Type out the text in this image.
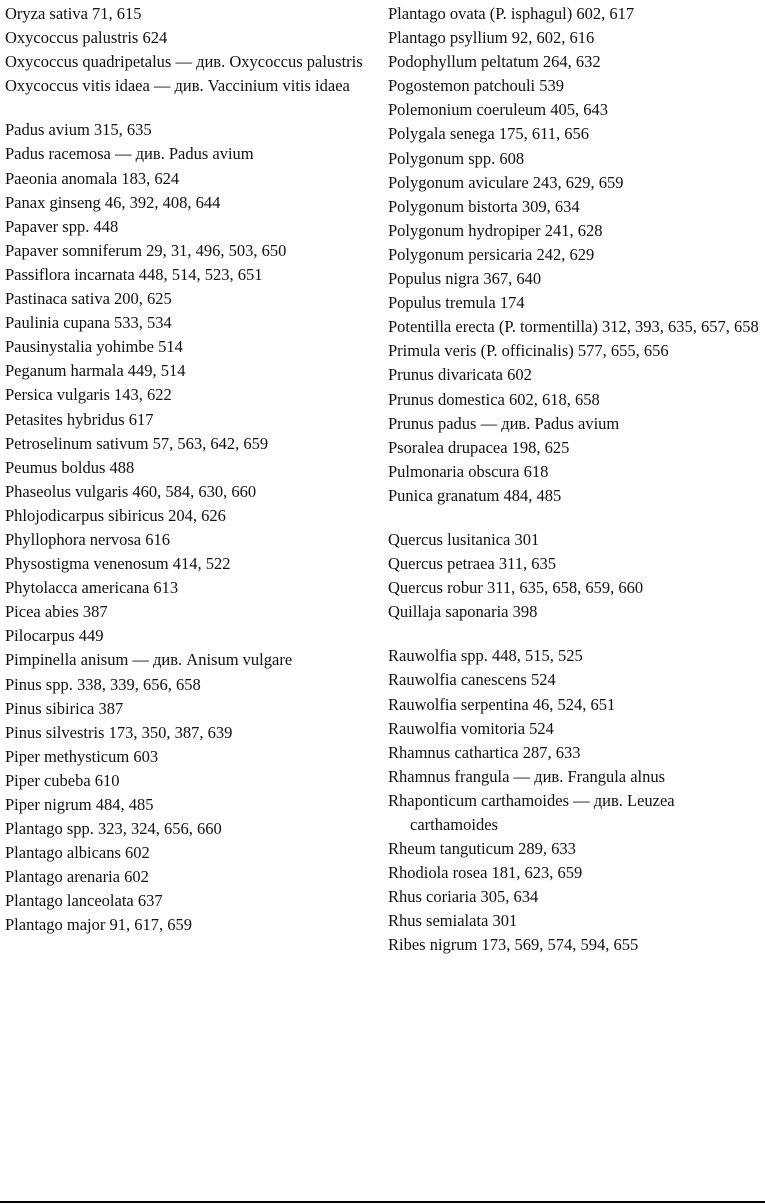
Oryza sativa 71, 615

Oxycoccus palustris 624

Oxycoccus quadripetalus — див. Oxycoccus palustris

Oxycoccus vitis idaea — див. Vaccinium vitis idaea

Padus avium 315, 635

Padus racemosa — див. Padus avium

Paeonia anomala 183, 624

Panax ginseng 46, 392, 408, 644

Papaver spp. 448

Papaver somniferum 29, 31, 496, 503, 650

Passiflora incarnata 448, 514, 523, 651

Pastinaca sativa 200, 625

Paulinia cupana 533, 534

Pausinystalia yohimbe 514

Peganum harmala 449, 514

Persica vulgaris 143, 622

Petasites hybridus 617

Petroselinum sativum 57, 563, 642, 659

Peumus boldus 488

Phaseolus vulgaris 460, 584, 630, 660

Phlojodicarpus sibiricus 204, 626

Phyllophora nervosa 616

Physostigma venenosum 414, 522

Phytolacca americana 613

Picea abies 387

Pilocarpus 449

Pimpinella anisum — див. Anisum vulgare

Pinus spp. 338, 339, 656, 658

Pinus sibirica 387

Pinus silvestris 173, 350, 387, 639

Piper methysticum 603

Piper cubeba 610

Piper nigrum 484, 485

Plantago spp. 323, 324, 656, 660

Plantago albicans 602

Plantago arenaria 602

Plantago lanceolata 637

Plantago major 91, 617, 659

Plantago ovata (P. isphagul) 602, 617

Plantago psyllium 92, 602, 616

Podophyllum peltatum 264, 632

Pogostemon patchouli 539

Polemonium coeruleum 405, 643

Polygala senega 175, 611, 656

Polygonum spp. 608

Polygonum aviculare 243, 629, 659

Polygonum bistorta 309, 634

Polygonum hydropiper 241, 628

Polygonum persicaria 242, 629

Populus nigra 367, 640

Populus tremula 174

Potentilla erecta (P. tormentilla) 312, 393, 635, 657, 658

Primula veris (P. officinalis) 577, 655, 656

Prunus divaricata 602

Prunus domestica 602, 618, 658

Prunus padus — див. Padus avium

Psoralea drupacea 198, 625

Pulmonaria obscura 618

Punica granatum 484, 485

Quercus lusitanica 301

Quercus petraea 311, 635

Quercus robur 311, 635, 658, 659, 660

Quillaja saponaria 398

Rauwolfia spp. 448, 515, 525

Rauwolfia canescens 524

Rauwolfia serpentina 46, 524, 651

Rauwolfia vomitoria 524

Rhamnus cathartica 287, 633

Rhamnus frangula — див. Frangula alnus

Rhaponticum carthamoides — див. Leuzea carthamoides

Rheum tanguticum 289, 633

Rhodiola rosea 181, 623, 659

Rhus coriaria 305, 634

Rhus semialata 301

Ribes nigrum 173, 569, 574, 594, 655
